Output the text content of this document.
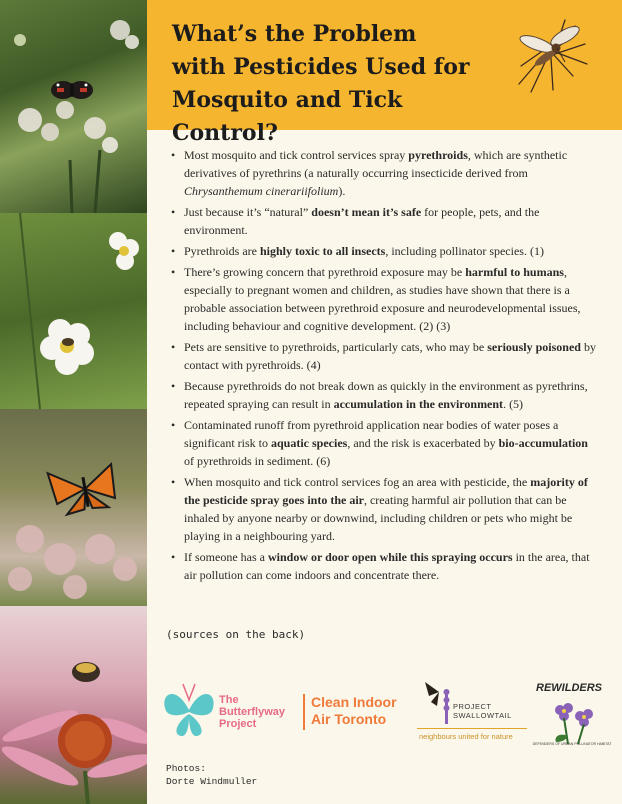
What’s the Problem
with Pesticides Used for
Mosquito and Tick Control?
• Most mosquito and tick control services spray pyrethroids, which are synthetic derivatives of pyrethrins (a naturally occurring insecticide derived from Chrysanthemum cinerariifolium).
• Just because it’s “natural” doesn’t mean it’s safe for people, pets, and the environment.
• Pyrethroids are highly toxic to all insects, including pollinator species. (1)
• There’s growing concern that pyrethroid exposure may be harmful to humans, especially to pregnant women and children, as studies have shown that there is a probable association between pyrethroid exposure and neurodevelopmental issues, including behaviour and cognitive development. (2) (3)
• Pets are sensitive to pyrethroids, particularly cats, who may be seriously poisoned by contact with pyrethroids. (4)
• Because pyrethroids do not break down as quickly in the environment as pyrethrins, repeated spraying can result in accumulation in the environment. (5)
• Contaminated runoff from pyrethroid application near bodies of water poses a significant risk to aquatic species, and the risk is exacerbated by bio-accumulation of pyrethroids in sediment. (6)
• When mosquito and tick control services fog an area with pesticide, the majority of the pesticide spray goes into the air, creating harmful air pollution that can be inhaled by anyone nearby or downwind, including children or pets who might be playing in a neighbouring yard.
• If someone has a window or door open while this spraying occurs in the area, that air pollution can come indoors and concentrate there.
(sources on the back)
The
Butterflyway
Project
Clean Indoor
Air Toronto
PROJECT
SWALLOWTAIL
neighbours united for nature
REWILDERS
DEFENDERS OF URBAN POLLINATOR HABITAT
Photos:
Dorte Windmuller
